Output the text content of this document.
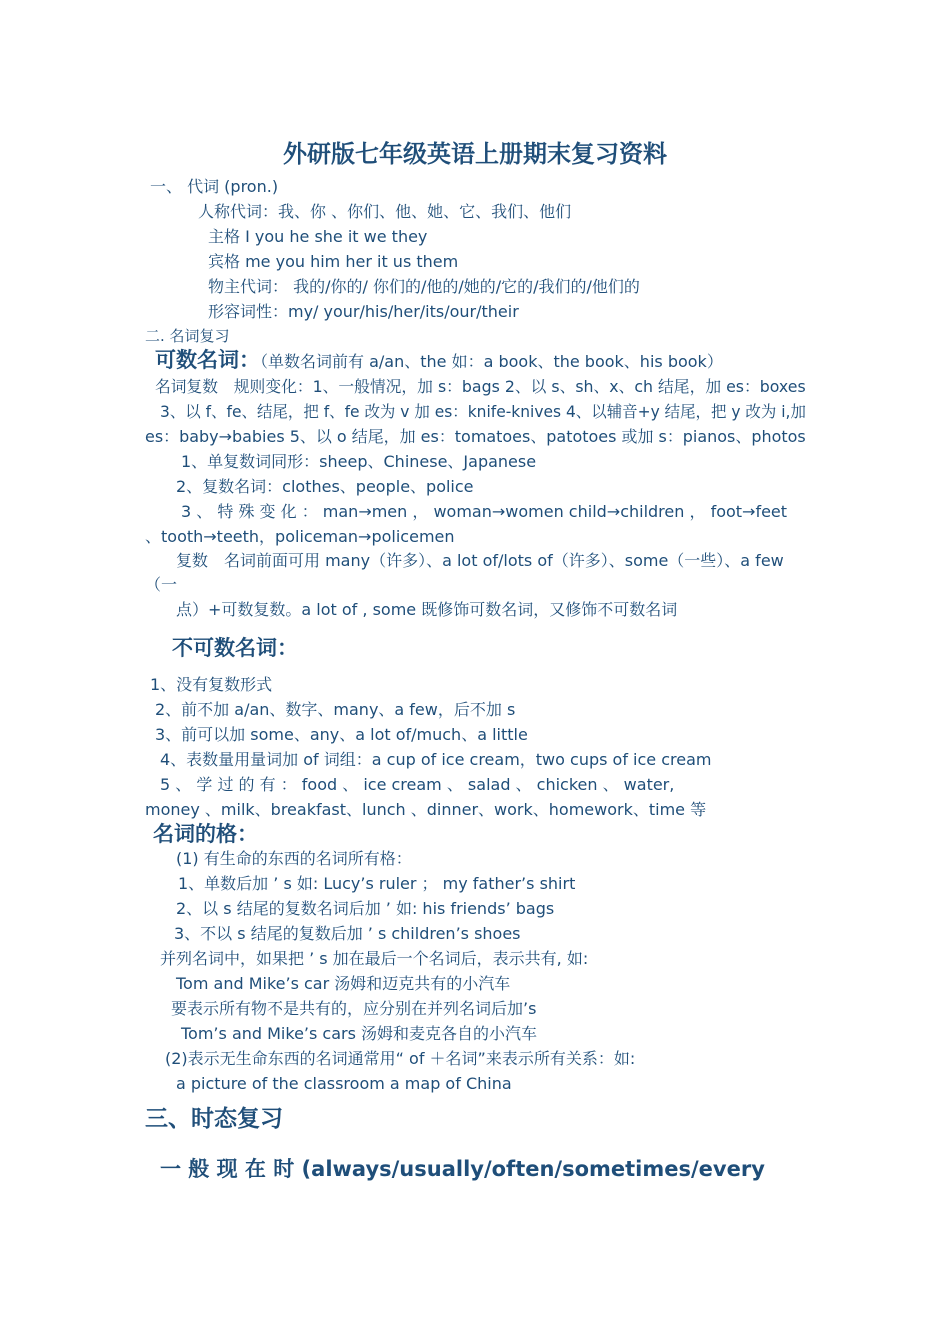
外研版七年级英语上册期末复习资料
一、 代词 (pron.)
人称代词：我、你 、你们、他、她、它、我们、他们
主格 I you he she it we they
宾格 me you him her it us them
物主代词： 我的/你的/ 你们的/他的/她的/它的/我们的/他们的
形容词性：my/ your/his/her/its/our/their
二. 名词复习
可数名词：（单数名词前有 a/an、the 如：a book、the book、his book）
名词复数　规则变化：1、一般情况，加 s：bags 2、以 s、sh、x、ch 结尾，加 es：boxes
3、以 f、fe、结尾，把 f、fe 改为 v 加 es：knife-knives 4、以辅音+y 结尾，把 y 改为 i,加
es：baby→babies 5、以 o 结尾，加 es：tomatoes、patotoes 或加 s：pianos、photos
1、单复数词同形：sheep、Chinese、Japanese
2、复数名词：clothes、people、police
3 、 特 殊 变 化 ： man→men ， woman→women child→children ， foot→feet
、tooth→teeth，policeman→policemen
复数　名词前面可用 many（许多）、a lot of/lots of（许多）、some（一些）、a few
（一
点）+可数复数。a lot of , some 既修饰可数名词，又修饰不可数名词
不可数名词：
1、没有复数形式
2、前不加 a/an、数字、many、a few，后不加 s
3、前可以加 some、any、a lot of/much、a little
4、表数量用量词加 of 词组：a cup of ice cream，two cups of ice cream
5 、 学 过 的 有 ： food 、 ice cream 、 salad 、 chicken 、 water,
money 、milk、breakfast、lunch 、dinner、work、homework、time 等
名词的格：
(1) 有生命的东西的名词所有格：
1、单数后加 ’ s 如: Lucy’s ruler ； my father’s shirt
2、以 s 结尾的复数名词后加 ’ 如: his friends’ bags
3、不以 s 结尾的复数后加 ’ s children’s shoes
并列名词中，如果把 ’ s 加在最后一个名词后，表示共有, 如:
Tom and Mike’s car 汤姆和迈克共有的小汽车
要表示所有物不是共有的，应分别在并列名词后加’s
Tom’s and Mike’s cars 汤姆和麦克各自的小汽车
(2)表示无生命东西的名词通常用“ of ＋名词”来表示所有关系：如:
a picture of the classroom a map of China
三、时态复习
一 般 现 在 时 (always/usually/often/sometimes/every
